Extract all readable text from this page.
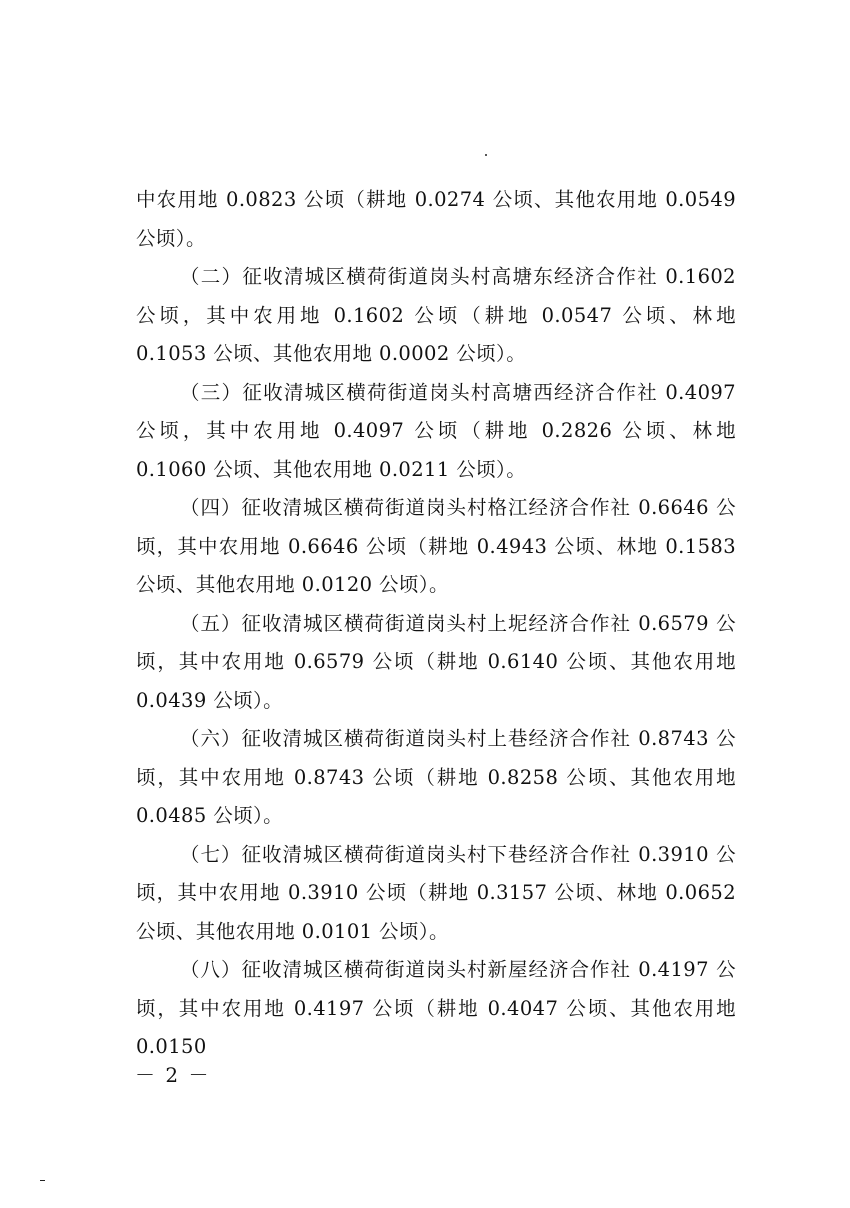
中农用地 0.0823 公顷（耕地 0.0274 公顷、其他农用地 0.0549 公顷）。

（二）征收清城区横荷街道岗头村高塘东经济合作社 0.1602 公顷，其中农用地 0.1602 公顷（耕地 0.0547 公顷、林地 0.1053 公顷、其他农用地 0.0002 公顷）。

（三）征收清城区横荷街道岗头村高塘西经济合作社 0.4097 公顷，其中农用地 0.4097 公顷（耕地 0.2826 公顷、林地 0.1060 公顷、其他农用地 0.0211 公顷）。

（四）征收清城区横荷街道岗头村格江经济合作社 0.6646 公顷，其中农用地 0.6646 公顷（耕地 0.4943 公顷、林地 0.1583 公顷、其他农用地 0.0120 公顷）。

（五）征收清城区横荷街道岗头村上坭经济合作社 0.6579 公顷，其中农用地 0.6579 公顷（耕地 0.6140 公顷、其他农用地 0.0439 公顷）。

（六）征收清城区横荷街道岗头村上巷经济合作社 0.8743 公顷，其中农用地 0.8743 公顷（耕地 0.8258 公顷、其他农用地 0.0485 公顷）。

（七）征收清城区横荷街道岗头村下巷经济合作社 0.3910 公顷，其中农用地 0.3910 公顷（耕地 0.3157 公顷、林地 0.0652 公顷、其他农用地 0.0101 公顷）。

（八）征收清城区横荷街道岗头村新屋经济合作社 0.4197 公顷，其中农用地 0.4197 公顷（耕地 0.4047 公顷、其他农用地 0.0150

－ 2 －
